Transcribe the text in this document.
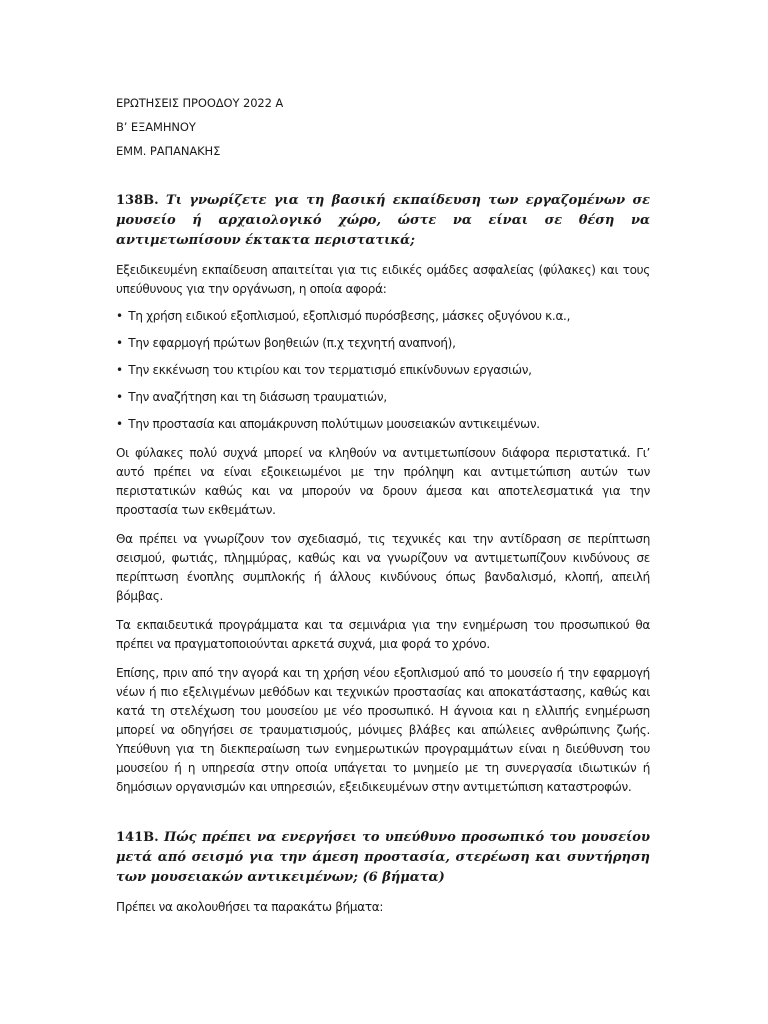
ΕΡΩΤΗΣΕΙΣ ΠΡΟΟΔΟΥ 2022 Α

Β’ ΕΞΑΜΗΝΟΥ

ΕΜΜ. ΡΑΠΑΝΑΚΗΣ

138Β. Τι γνωρίζετε για τη βασική εκπαίδευση των εργαζομένων σε μουσείο ή αρχαιολογικό χώρο, ώστε να είναι σε θέση να αντιμετωπίσουν έκτακτα περιστατικά;

Εξειδικευμένη εκπαίδευση απαιτείται για τις ειδικές ομάδες ασφαλείας (φύλακες) και τους υπεύθυνους για την οργάνωση, η οποία αφορά:

• Τη χρήση ειδικού εξοπλισμού, εξοπλισμό πυρόσβεσης, μάσκες οξυγόνου κ.α.,
• Την εφαρμογή πρώτων βοηθειών (π.χ τεχνητή αναπνοή),
• Την εκκένωση του κτιρίου και τον τερματισμό επικίνδυνων εργασιών,
• Την αναζήτηση και τη διάσωση τραυματιών,
• Την προστασία και απομάκρυνση πολύτιμων μουσειακών αντικειμένων.

Οι φύλακες πολύ συχνά μπορεί να κληθούν να αντιμετωπίσουν διάφορα περιστατικά. Γι’ αυτό πρέπει να είναι εξοικειωμένοι με την πρόληψη και αντιμετώπιση αυτών των περιστατικών καθώς και να μπορούν να δρουν άμεσα και αποτελεσματικά για την προστασία των εκθεμάτων.

Θα πρέπει να γνωρίζουν τον σχεδιασμό, τις τεχνικές και την αντίδραση σε περίπτωση σεισμού, φωτιάς, πλημμύρας, καθώς και να γνωρίζουν να αντιμετωπίζουν κινδύνους σε περίπτωση ένοπλης συμπλοκής ή άλλους κινδύνους όπως βανδαλισμό, κλοπή, απειλή βόμβας.

Τα εκπαιδευτικά προγράμματα και τα σεμινάρια για την ενημέρωση του προσωπικού θα πρέπει να πραγματοποιούνται αρκετά συχνά, μια φορά το χρόνο.

Επίσης, πριν από την αγορά και τη χρήση νέου εξοπλισμού από το μουσείο ή την εφαρμογή νέων ή πιο εξελιγμένων μεθόδων και τεχνικών προστασίας και αποκατάστασης, καθώς και κατά τη στελέχωση του μουσείου με νέο προσωπικό. Η άγνοια και η ελλιπής ενημέρωση μπορεί να οδηγήσει σε τραυματισμούς, μόνιμες βλάβες και απώλειες ανθρώπινης ζωής. Υπεύθυνη για τη διεκπεραίωση των ενημερωτικών προγραμμάτων είναι η διεύθυνση του μουσείου ή η υπηρεσία στην οποία υπάγεται το μνημείο με τη συνεργασία ιδιωτικών ή δημόσιων οργανισμών και υπηρεσιών, εξειδικευμένων στην αντιμετώπιση καταστροφών.

141Β. Πώς πρέπει να ενεργήσει το υπεύθυνο προσωπικό του μουσείου μετά από σεισμό για την άμεση προστασία, στερέωση και συντήρηση των μουσειακών αντικειμένων; (6 βήματα)

Πρέπει να ακολουθήσει τα παρακάτω βήματα:
